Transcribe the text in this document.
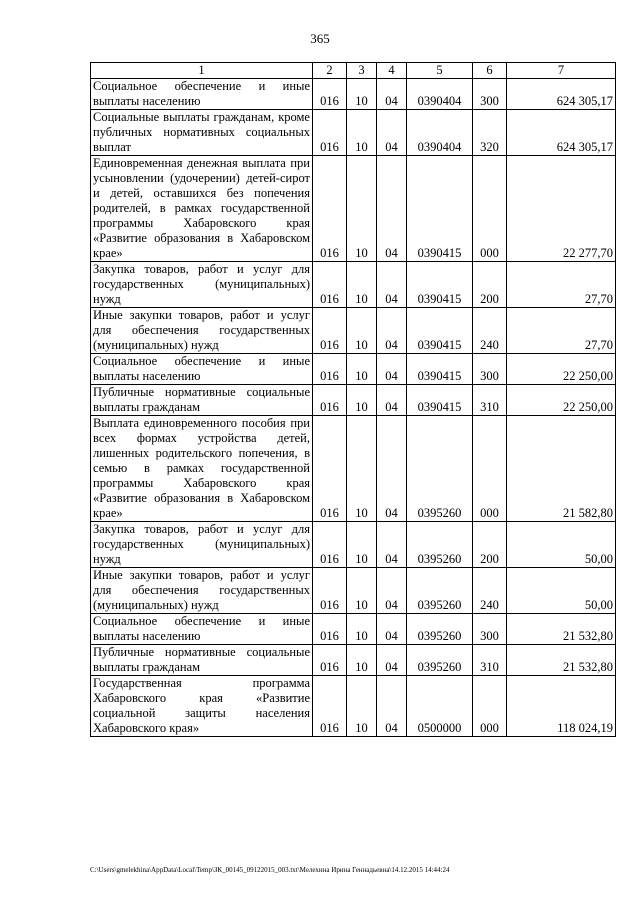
365
1	2	3	4	5	6	7
Социальное обеспечение и иные выплаты населению	016	10	04	0390404	300	624 305,17
Социальные выплаты гражданам, кроме публичных нормативных социальных выплат	016	10	04	0390404	320	624 305,17
Единовременная денежная выплата при усыновлении (удочерении) детей-сирот и детей, оставшихся без попечения родителей, в рамках государственной программы Хабаровского края «Развитие образования в Хабаровском крае»	016	10	04	0390415	000	22 277,70
Закупка товаров, работ и услуг для государственных (муниципальных) нужд	016	10	04	0390415	200	27,70
Иные закупки товаров, работ и услуг для обеспечения государственных (муниципальных) нужд	016	10	04	0390415	240	27,70
Социальное обеспечение и иные выплаты населению	016	10	04	0390415	300	22 250,00
Публичные нормативные социальные выплаты гражданам	016	10	04	0390415	310	22 250,00
Выплата единовременного пособия при всех формах устройства детей, лишенных родительского попечения, в семью в рамках государственной программы Хабаровского края «Развитие образования в Хабаровском крае»	016	10	04	0395260	000	21 582,80
Закупка товаров, работ и услуг для государственных (муниципальных) нужд	016	10	04	0395260	200	50,00
Иные закупки товаров, работ и услуг для обеспечения государственных (муниципальных) нужд	016	10	04	0395260	240	50,00
Социальное обеспечение и иные выплаты населению	016	10	04	0395260	300	21 532,80
Публичные нормативные социальные выплаты гражданам	016	10	04	0395260	310	21 532,80
Государственная программа Хабаровского края «Развитие социальной защиты населения Хабаровского края»	016	10	04	0500000	000	118 024,19
C:\Users\gmelekhina\AppData\Local\Temp\ЗК_00145_09122015_003.txt\Мелехина Ирина Геннадьевна\14.12.2015 14:44:24
